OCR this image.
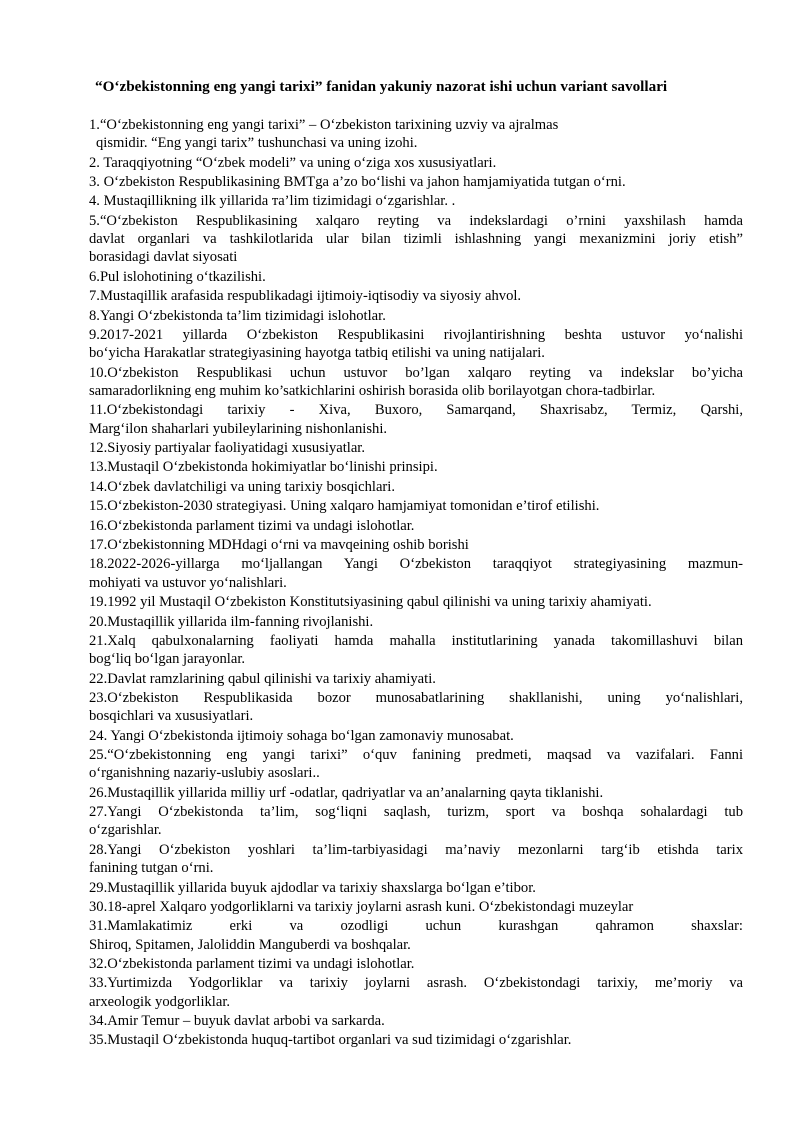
“O‘zbekistonning eng yangi tarixi” fanidan yakuniy nazorat ishi uchun variant savollari

1.“O‘zbekistonning eng yangi tarixi” – O‘zbekiston tarixining uzviy va ajralmas
qismidir. “Eng yangi tarix” tushunchasi va uning izohi.
2. Taraqqiyotning “O‘zbek modeli” va uning o‘ziga xos xususiyatlari.
3. O‘zbekiston Respublikasining BMTga a’zo bo‘lishi va jahon hamjamiyatida tutgan o‘rni.
4. Mustaqillikning ilk yillarida тa’lim tizimidagi o‘zgarishlar. .
5.“O‘zbekiston Respublikasining xalqaro reyting va indekslardagi o’rnini yaxshilash hamda
davlat organlari va tashkilotlarida ular bilan tizimli ishlashning yangi mexanizmini joriy etish”
borasidagi davlat siyosati
6.Pul islohotining o‘tkazilishi.
7.Mustaqillik arafasida respublikadagi ijtimoiy-iqtisodiy va siyosiy ahvol.
8.Yangi O‘zbekistonda ta’lim tizimidagi islohotlar.
9.2017-2021 yillarda O‘zbekiston Respublikasini rivojlantirishning beshta ustuvor yo‘nalishi
bo‘yicha Harakatlar strategiyasining hayotga tatbiq etilishi va uning natijalari.
10.O‘zbekiston Respublikasi uchun ustuvor bo’lgan xalqaro reyting va indekslar bo’yicha
samaradorlikning eng muhim ko’satkichlarini oshirish borasida olib borilayotgan chora-tadbirlar.
11.O‘zbekistondagi tarixiy - Xiva, Buxoro, Samarqand, Shaxrisabz, Termiz, Qarshi,
Marg‘ilon shaharlari yubileylarining nishonlanishi.
12.Siyosiy partiyalar faoliyatidagi xususiyatlar.
13.Mustaqil O‘zbekistonda hokimiyatlar bo‘linishi prinsipi.
14.O‘zbek davlatchiligi va uning tarixiy bosqichlari.
15.O‘zbekiston-2030 strategiyasi. Uning xalqaro hamjamiyat tomonidan e’tirof etilishi.
16.O‘zbekistonda parlament tizimi va undagi islohotlar.
17.O‘zbekistonning MDHdagi o‘rni va mavqeining oshib borishi
18.2022-2026-yillarga mo‘ljallangan Yangi O‘zbekiston taraqqiyot strategiyasining mazmun-
mohiyati va ustuvor yo‘nalishlari.
19.1992 yil Mustaqil O‘zbekiston Konstitutsiyasining qabul qilinishi va uning tarixiy ahamiyati.
20.Mustaqillik yillarida ilm-fanning rivojlanishi.
21.Xalq qabulxonalarning faoliyati hamda mahalla institutlarining yanada takomillashuvi bilan
bog‘liq bo‘lgan jarayonlar.
22.Davlat ramzlarining qabul qilinishi va tarixiy ahamiyati.
23.O‘zbekiston Respublikasida bozor munosabatlarining shakllanishi, uning yo‘nalishlari,
bosqichlari va xususiyatlari.
24. Yangi O‘zbekistonda ijtimoiy sohaga bo‘lgan zamonaviy munosabat.
25.“O‘zbekistonning eng yangi tarixi” o‘quv fanining predmeti, maqsad va vazifalari. Fanni
o‘rganishning nazariy-uslubiy asoslari..
26.Mustaqillik yillarida milliy urf -odatlar, qadriyatlar va an’analarning qayta tiklanishi.
27.Yangi O‘zbekistonda ta’lim, sog‘liqni saqlash, turizm, sport va boshqa sohalardagi tub
o‘zgarishlar.
28.Yangi O‘zbekiston yoshlari ta’lim-tarbiyasidagi ma’naviy mezonlarni targ‘ib etishda tarix
fanining tutgan o‘rni.
29.Mustaqillik yillarida buyuk ajdodlar va tarixiy shaxslarga bo‘lgan e’tibor.
30.18-aprel Xalqaro yodgorliklarni va tarixiy joylarni asrash kuni. O‘zbekistondagi muzeylar
31.Mamlakatimiz erki va ozodligi uchun kurashgan qahramon shaxslar:
Shiroq, Spitamen, Jaloliddin Manguberdi va boshqalar.
32.O‘zbekistonda parlament tizimi va undagi islohotlar.
33.Yurtimizda Yodgorliklar va tarixiy joylarni asrash. O‘zbekistondagi tarixiy, me’moriy va
arxeologik yodgorliklar.
34.Amir Temur – buyuk davlat arbobi va sarkarda.
35.Mustaqil O‘zbekistonda huquq-tartibot organlari va sud tizimidagi o‘zgarishlar.
